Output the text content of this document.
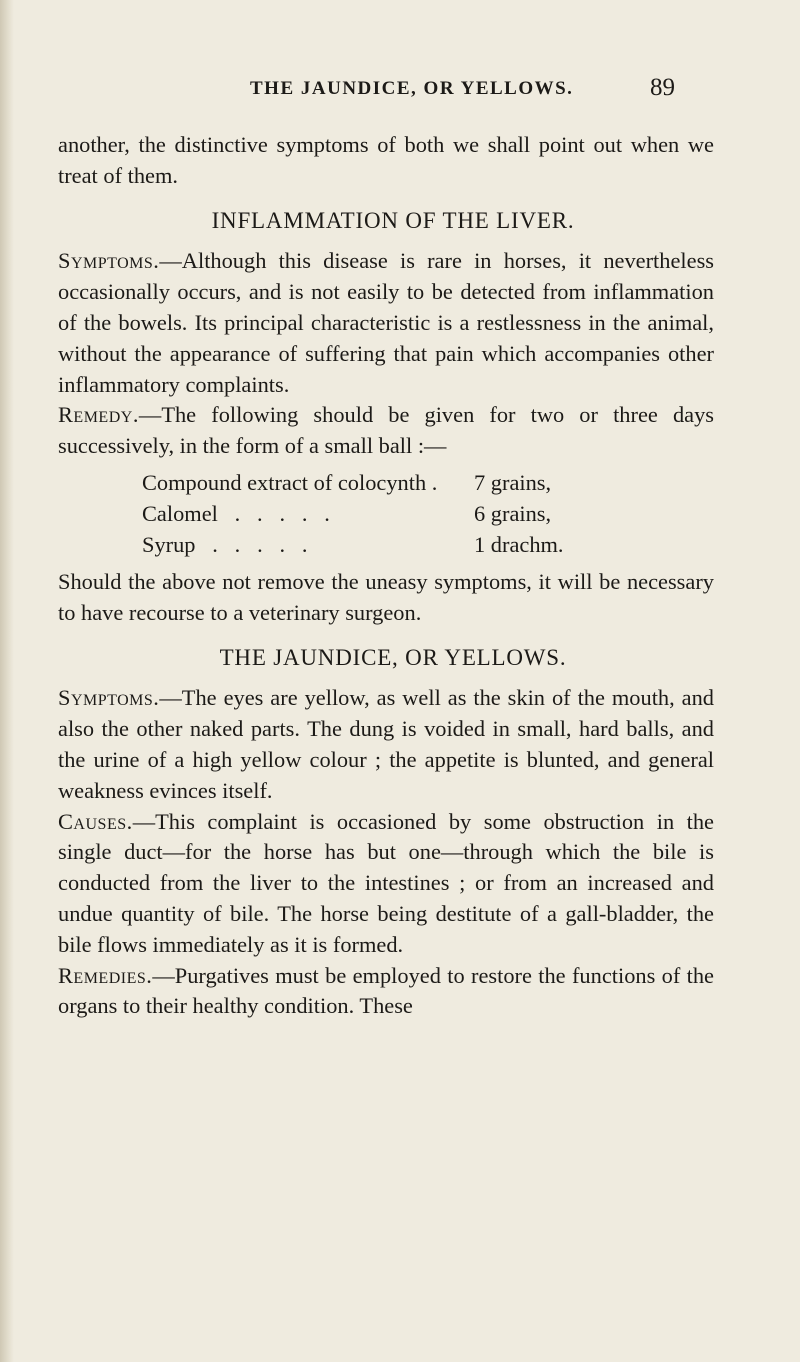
THE JAUNDICE, OR YELLOWS.	89

another, the distinctive symptoms of both we shall point out when we treat of them.

INFLAMMATION OF THE LIVER.

Symptoms.—Although this disease is rare in horses, it nevertheless occasionally occurs, and is not easily to be detected from inflammation of the bowels. Its principal characteristic is a restlessness in the animal, without the appearance of suffering that pain which accompanies other inflammatory complaints.

Remedy.—The following should be given for two or three days successively, in the form of a small ball :—

Compound extract of colocynth .	7 grains,
Calomel   .   .   .   .   .	6 grains,
Syrup   .   .   .   .   .	1 drachm.

Should the above not remove the uneasy symptoms, it will be necessary to have recourse to a veterinary surgeon.

THE JAUNDICE, OR YELLOWS.

Symptoms.—The eyes are yellow, as well as the skin of the mouth, and also the other naked parts. The dung is voided in small, hard balls, and the urine of a high yellow colour ; the appetite is blunted, and general weakness evinces itself.

Causes.—This complaint is occasioned by some obstruction in the single duct—for the horse has but one—through which the bile is conducted from the liver to the intestines ; or from an increased and undue quantity of bile. The horse being destitute of a gall-bladder, the bile flows immediately as it is formed.

Remedies.—Purgatives must be employed to restore the functions of the organs to their healthy condition. These
